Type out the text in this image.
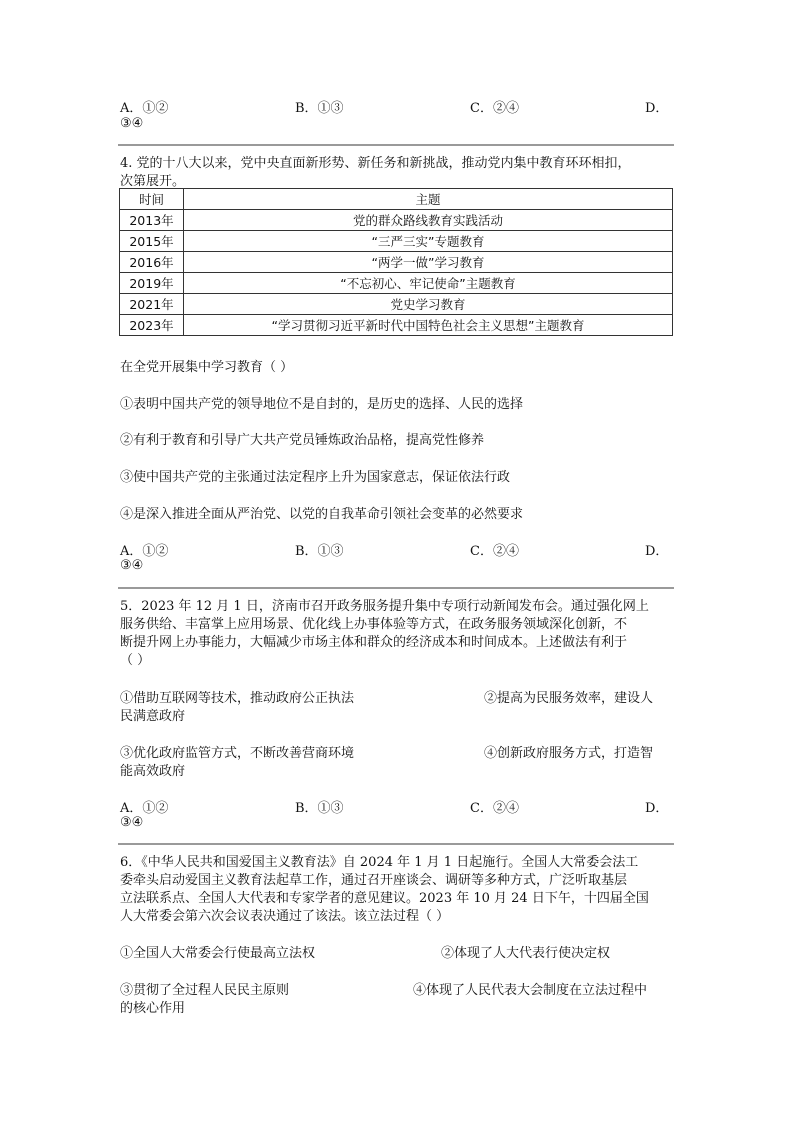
A．①②	B．①③	C．②④	D．
③④
4. 党的十八大以来，党中央直面新形势、新任务和新挑战，推动党内集中教育环环相扣，
次第展开。
时间	主题
2013年	党的群众路线教育实践活动
2015年	“三严三实”专题教育
2016年	“两学一做”学习教育
2019年	“不忘初心、牢记使命”主题教育
2021年	党史学习教育
2023年	“学习贯彻习近平新时代中国特色社会主义思想”主题教育
在全党开展集中学习教育（ ）
①表明中国共产党的领导地位不是自封的，是历史的选择、人民的选择
②有利于教育和引导广大共产党员锤炼政治品格，提高党性修养
③使中国共产党的主张通过法定程序上升为国家意志，保证依法行政
④是深入推进全面从严治党、以党的自我革命引领社会变革的必然要求
A．①②	B．①③	C．②④	D．
③④
5．2023 年 12 月 1 日，济南市召开政务服务提升集中专项行动新闻发布会。通过强化网上
服务供给、丰富掌上应用场景、优化线上办事体验等方式，在政务服务领域深化创新，不
断提升网上办事能力，大幅减少市场主体和群众的经济成本和时间成本。上述做法有利于
（ ）
①借助互联网等技术，推动政府公正执法	②提高为民服务效率，建设人
民满意政府
③优化政府监管方式，不断改善营商环境	④创新政府服务方式，打造智
能高效政府
A．①②	B．①③	C．②④	D．
③④
6．《中华人民共和国爱国主义教育法》自 2024 年 1 月 1 日起施行。全国人大常委会法工
委牵头启动爱国主义教育法起草工作，通过召开座谈会、调研等多种方式，广泛听取基层
立法联系点、全国人大代表和专家学者的意见建议。2023 年 10 月 24 日下午，十四届全国
人大常委会第六次会议表决通过了该法。该立法过程（ ）
①全国人大常委会行使最高立法权	②体现了人大代表行使决定权
③贯彻了全过程人民民主原则	④体现了人民代表大会制度在立法过程中
的核心作用
